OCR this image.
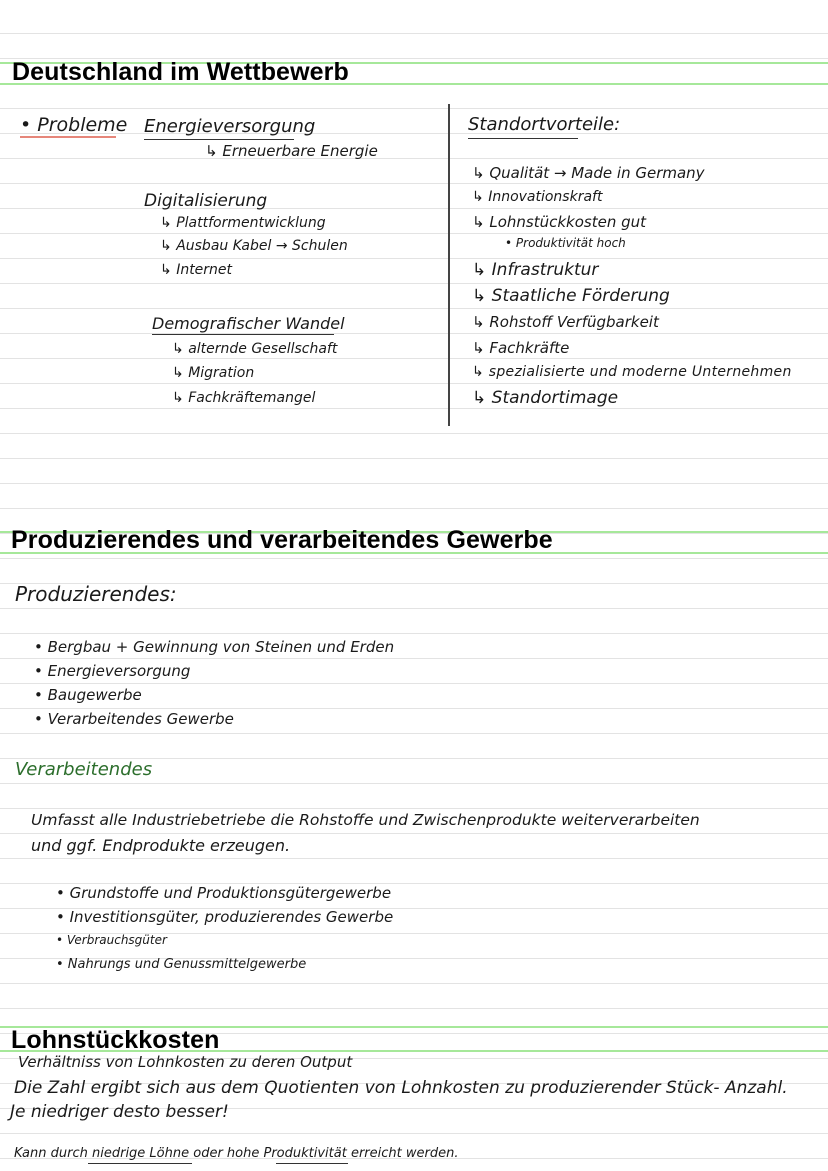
Deutschland im Wettbewerb
• Probleme Energieversorgung
↳ Erneuerbare Energie
Digitalisierung
↳ Plattformentwicklung
↳ Ausbau Kabel → Schulen
↳ Internet
Demografischer Wandel
↳ alternde Gesellschaft
↳ Migration
↳ Fachkräftemangel
Standortvorteile:
↳ Qualität → Made in Germany
↳ Innovationskraft
↳ Lohnstückkosten gut
• Produktivität hoch
↳ Infrastruktur
↳ Staatliche Förderung
↳ Rohstoff Verfügbarkeit
↳ Fachkräfte
↳ spezialisierte und moderne Unternehmen
↳ Standortimage
Produzierendes und verarbeitendes Gewerbe
Produzierendes:
• Bergbau + Gewinnung von Steinen und Erden
• Energieversorgung
• Baugewerbe
• Verarbeitendes Gewerbe
Verarbeitendes
Umfasst alle Industriebetriebe die Rohstoffe und Zwischenprodukte weiterverarbeiten
und ggf. Endprodukte erzeugen.
• Grundstoffe und Produktionsgütergewerbe
• Investitionsgüter, produzierendes Gewerbe
• Verbrauchsgüter
• Nahrungs und Genussmittelgewerbe
Lohnstückkosten
Verhältniss von Lohnkosten zu deren Output
Die Zahl ergibt sich aus dem Quotienten von Lohnkosten zu produzierender Stück- Anzahl.
Je niedriger desto besser!
Kann durch niedrige Löhne oder hohe Produktivität erreicht werden.
